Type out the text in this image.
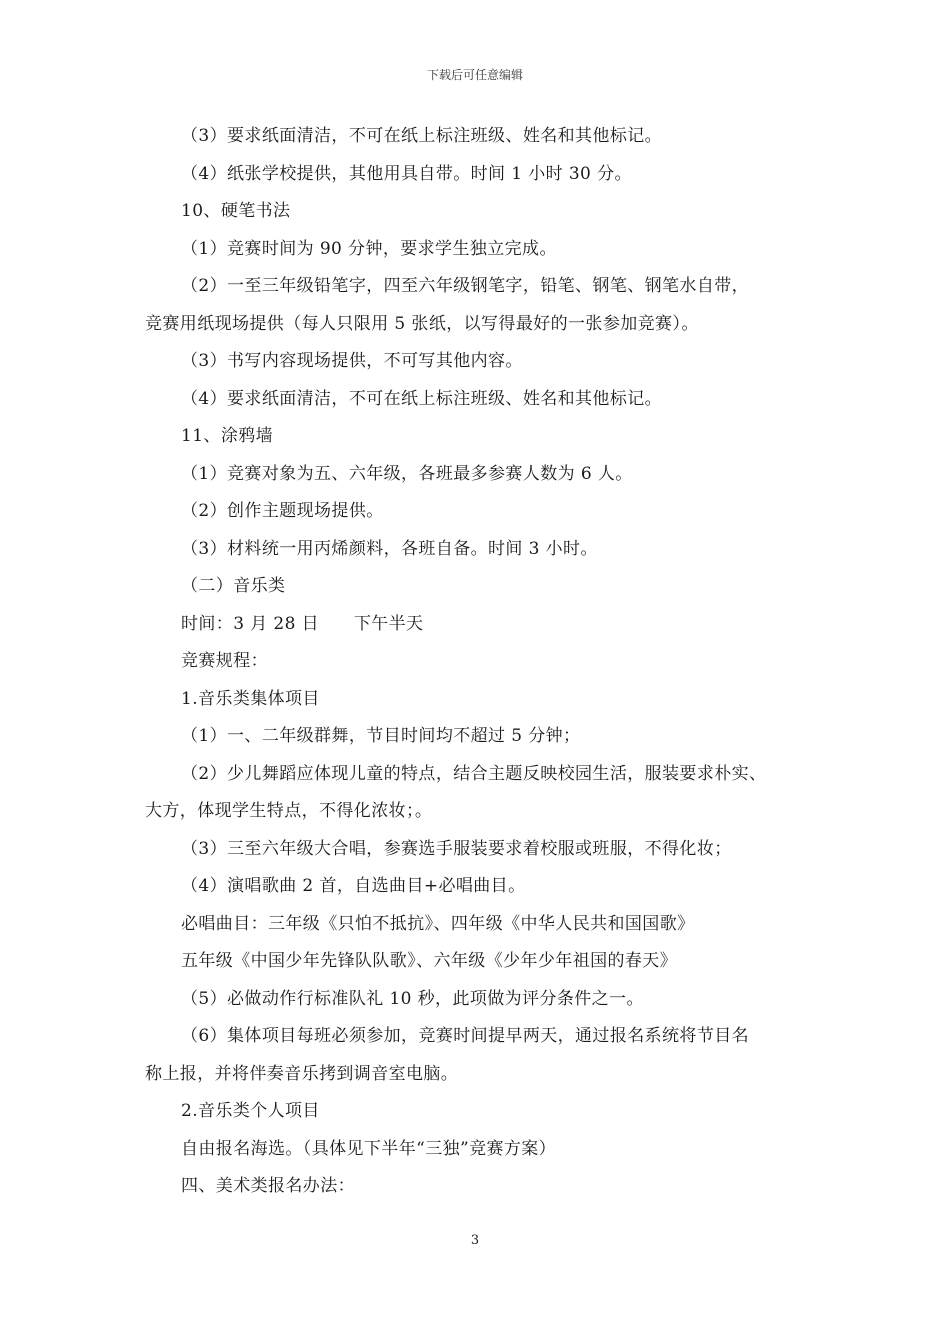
下载后可任意编辑
（3）要求纸面清洁，不可在纸上标注班级、姓名和其他标记。
（4）纸张学校提供，其他用具自带。时间 1 小时 30 分。
10、硬笔书法
（1）竞赛时间为 90 分钟，要求学生独立完成。
（2）一至三年级铅笔字，四至六年级钢笔字，铅笔、钢笔、钢笔水自带，
竞赛用纸现场提供（每人只限用 5 张纸，以写得最好的一张参加竞赛）。
（3）书写内容现场提供，不可写其他内容。
（4）要求纸面清洁，不可在纸上标注班级、姓名和其他标记。
11、涂鸦墙
（1）竞赛对象为五、六年级，各班最多参赛人数为 6 人。
（2）创作主题现场提供。
（3）材料统一用丙烯颜料，各班自备。时间 3 小时。
（二）音乐类
时间：3 月 28 日　　下午半天
竞赛规程：
1.音乐类集体项目
（1）一、二年级群舞，节目时间均不超过 5 分钟；
（2）少儿舞蹈应体现儿童的特点，结合主题反映校园生活，服装要求朴实、
大方，体现学生特点，不得化浓妆；。
（3）三至六年级大合唱，参赛选手服装要求着校服或班服，不得化妆；
（4）演唱歌曲 2 首，自选曲目+必唱曲目。
必唱曲目：三年级《只怕不抵抗》、四年级《中华人民共和国国歌》
五年级《中国少年先锋队队歌》、六年级《少年少年祖国的春天》
（5）必做动作行标准队礼 10 秒，此项做为评分条件之一。
（6）集体项目每班必须参加，竞赛时间提早两天，通过报名系统将节目名
称上报，并将伴奏音乐拷到调音室电脑。
2.音乐类个人项目
自由报名海选。（具体见下半年“三独”竞赛方案）
四、美术类报名办法：
3
